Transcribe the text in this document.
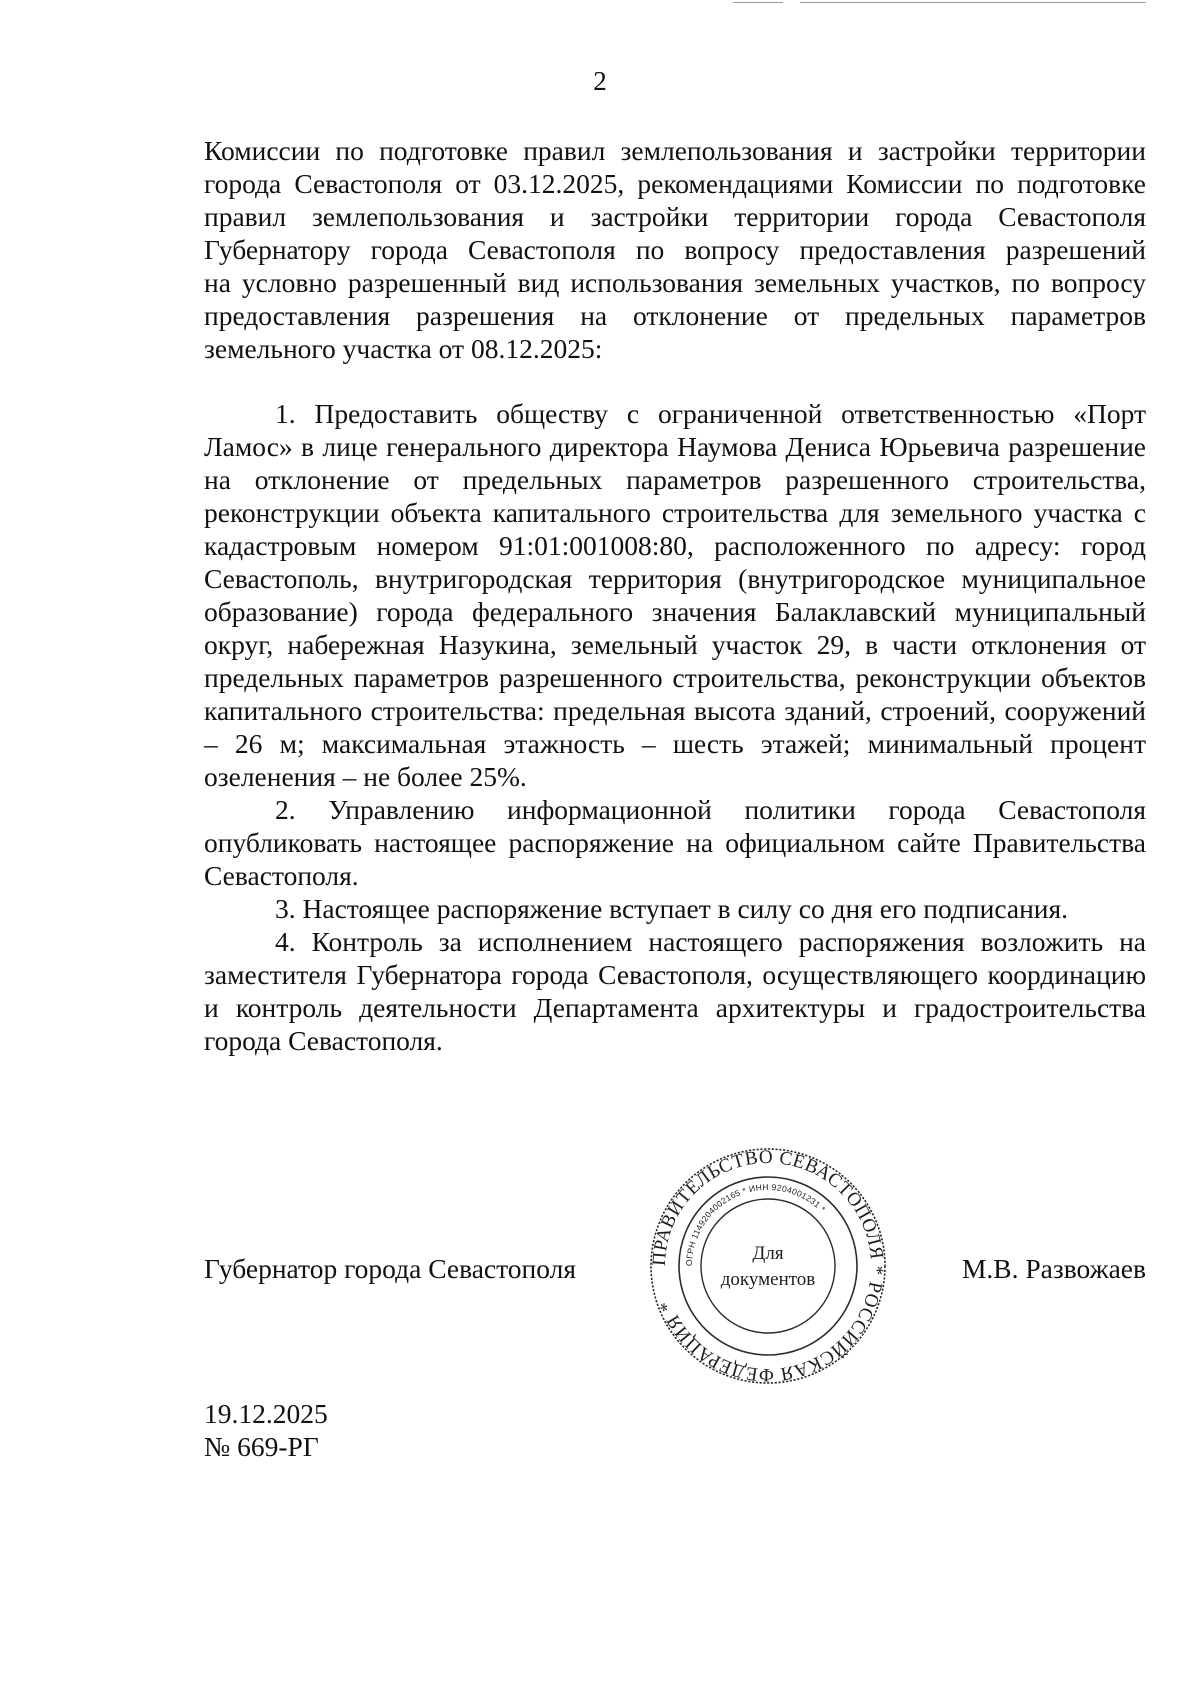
2

Комиссии по подготовке правил землепользования и застройки территории

города Севастополя от 03.12.2025, рекомендациями Комиссии по подготовке

правил землепользования и застройки территории города Севастополя

Губернатору города Севастополя по вопросу предоставления разрешений

на условно разрешенный вид использования земельных участков, по вопросу

предоставления разрешения на отклонение от предельных параметров

земельного участка от 08.12.2025:

1. Предоставить обществу с ограниченной ответственностью «Порт Ламос» в лице генерального директора Наумова Дениса Юрьевича разрешение на отклонение от предельных параметров разрешенного строительства, реконструкции объекта капитального строительства для земельного участка с кадастровым номером 91:01:001008:80, расположенного по адресу: город Севастополь, внутригородская территория (внутригородское муниципальное образование) города федерального значения Балаклавский муниципальный округ, набережная Назукина, земельный участок 29, в части отклонения от предельных параметров разрешенного строительства, реконструкции объектов капитального строительства: предельная высота зданий, строений, сооружений – 26 м; максимальная этажность – шесть этажей; минимальный процент озеленения – не более 25%.

2. Управлению информационной политики города Севастополя опубликовать настоящее распоряжение на официальном сайте Правительства Севастополя.

3. Настоящее распоряжение вступает в силу со дня его подписания.

4. Контроль за исполнением настоящего распоряжения возложить на заместителя Губернатора города Севастополя, осуществляющего координацию и контроль деятельности Департамента архитектуры и градостроительства города Севастополя.

Губернатор города Севастополя	ПРАВИТЕЛЬСТВО СЕВАСТОПОЛЯ * РОССИЙСКАЯ ФЕДЕРАЦИЯ *
ОГРН 1149204002165 * ИНН 9204001231 *
Для
документов	М.В. Развожаев
19.12.2025
№ 669-РГ
